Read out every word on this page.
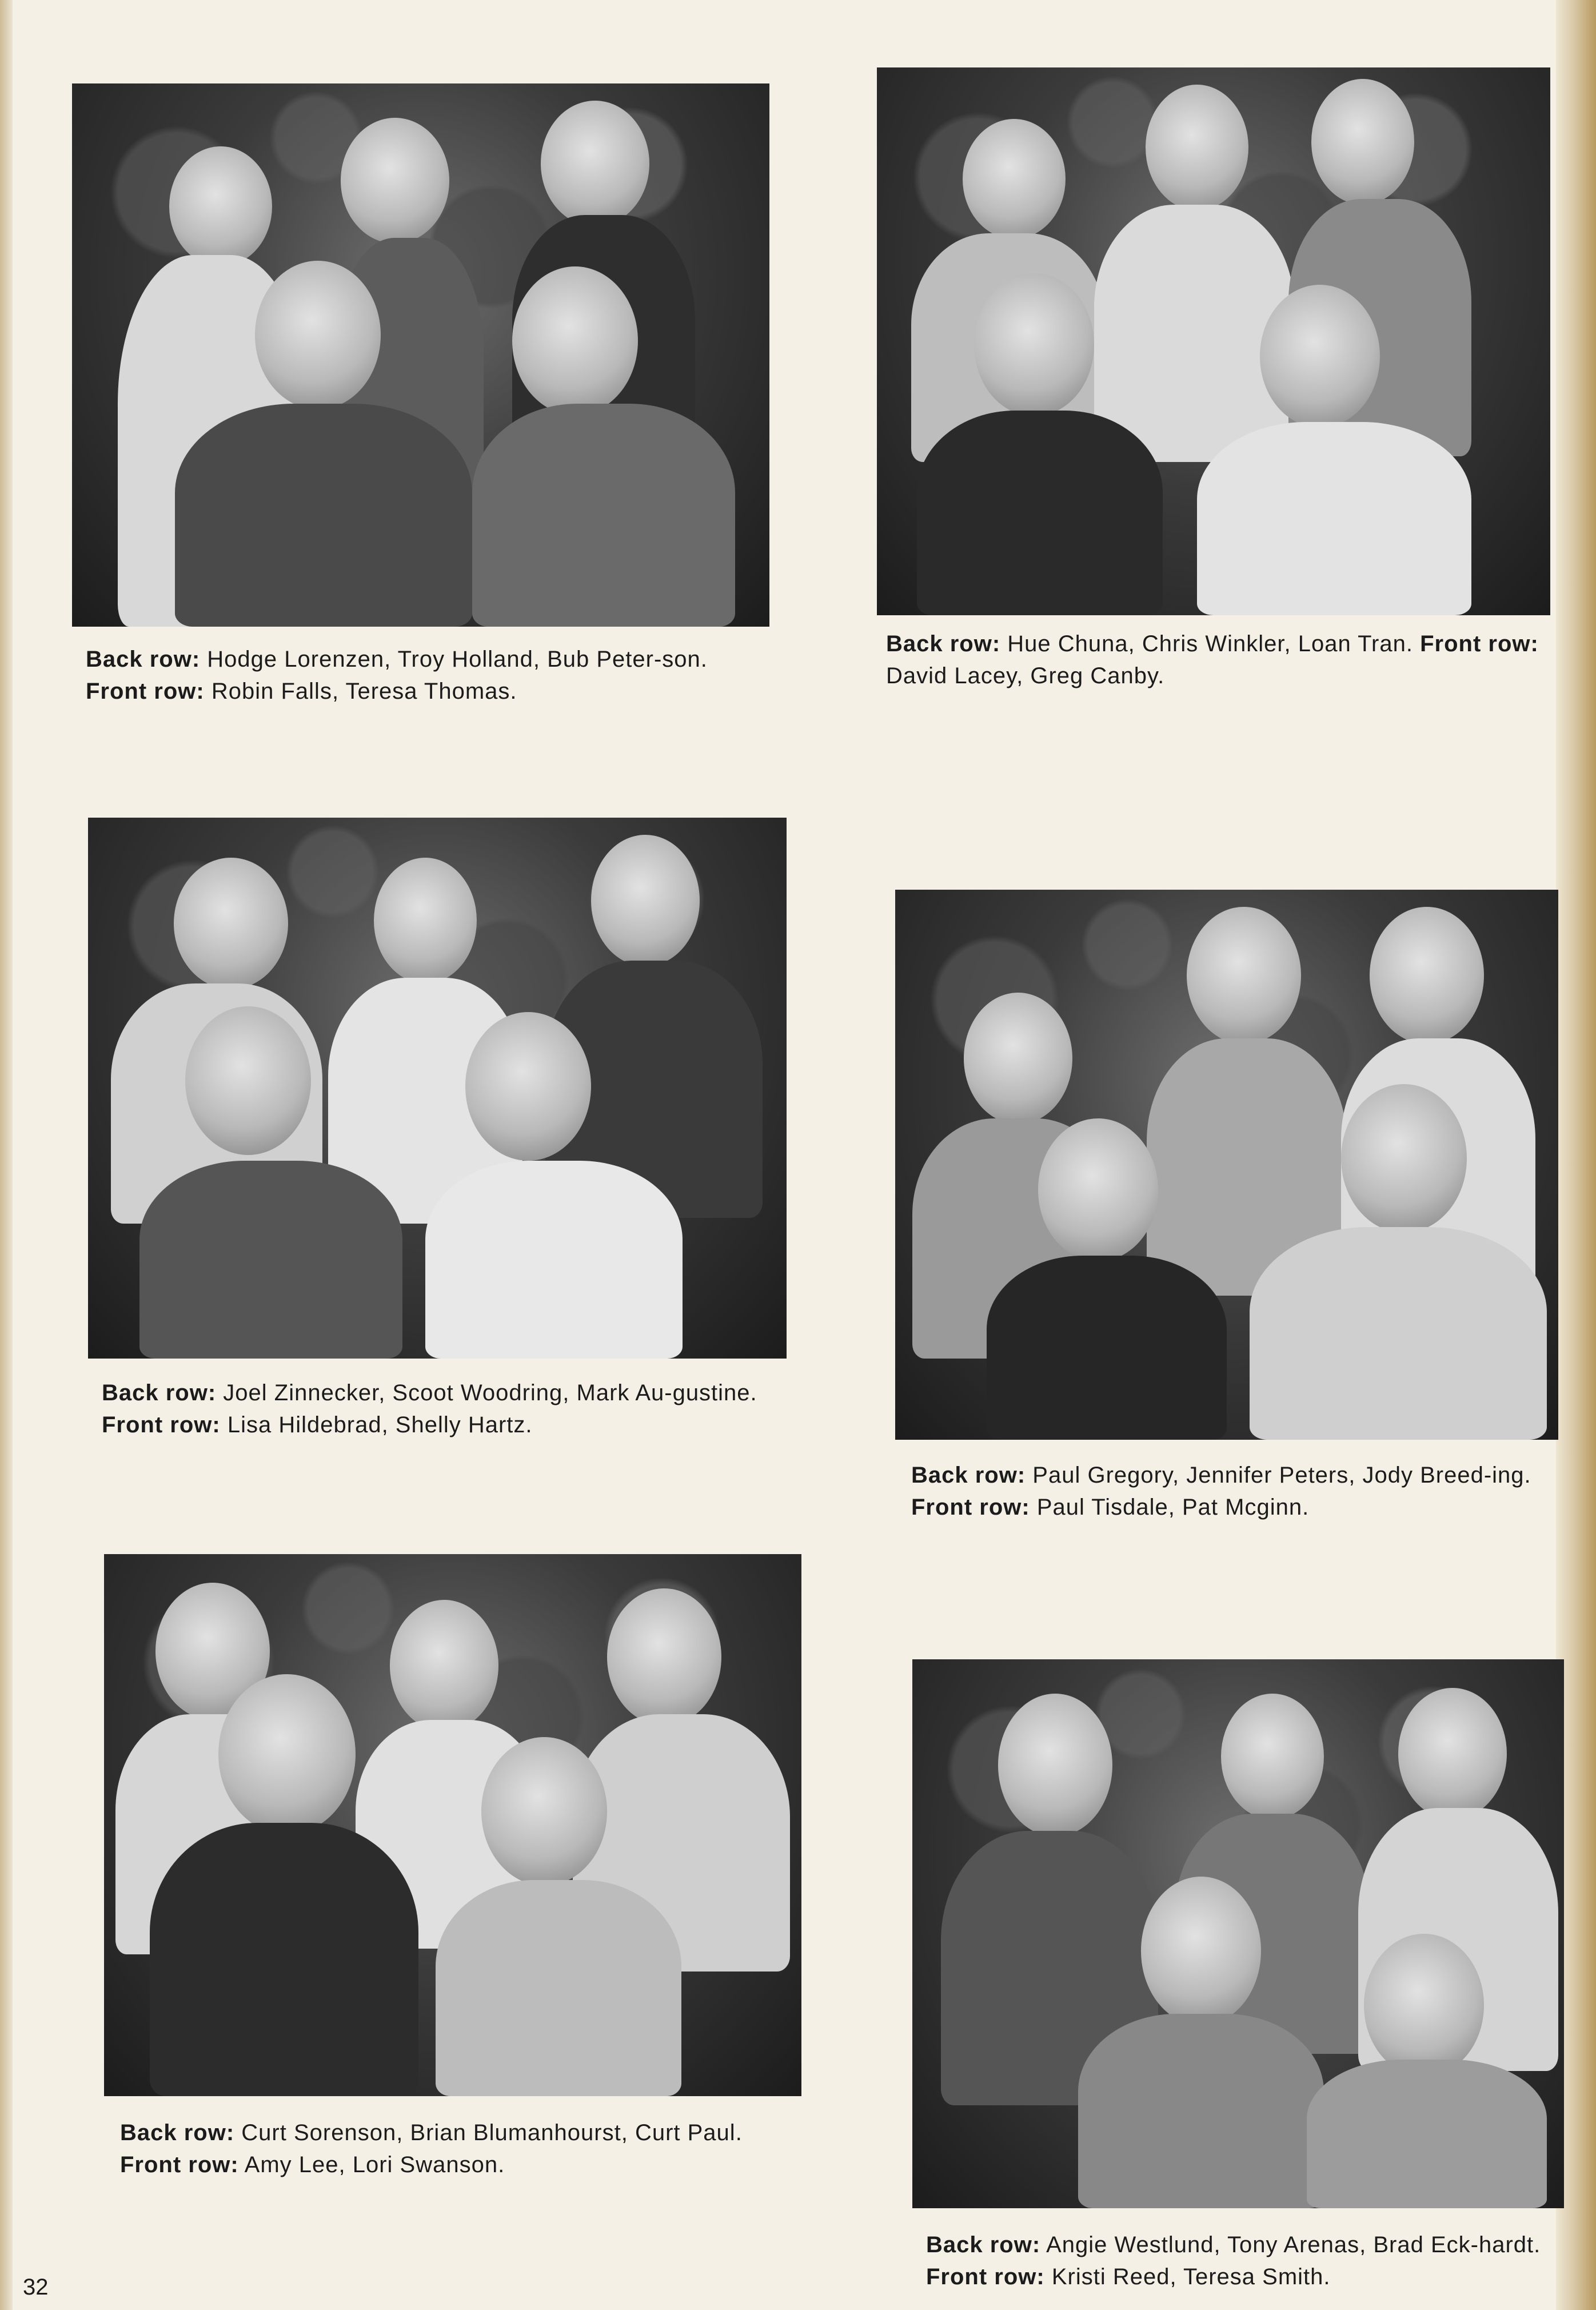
Back row: Hodge Lorenzen, Troy Holland, Bub Peter-son. Front row: Robin Falls, Teresa Thomas.
Back row: Hue Chuna, Chris Winkler, Loan Tran. Front row: David Lacey, Greg Canby.
Back row: Joel Zinnecker, Scoot Woodring, Mark Au-gustine. Front row: Lisa Hildebrad, Shelly Hartz.
Back row: Paul Gregory, Jennifer Peters, Jody Breed-ing. Front row: Paul Tisdale, Pat Mcginn.
Back row: Curt Sorenson, Brian Blumanhourst, Curt Paul. Front row: Amy Lee, Lori Swanson.
Back row: Angie Westlund, Tony Arenas, Brad Eck-hardt. Front row: Kristi Reed, Teresa Smith.
32
